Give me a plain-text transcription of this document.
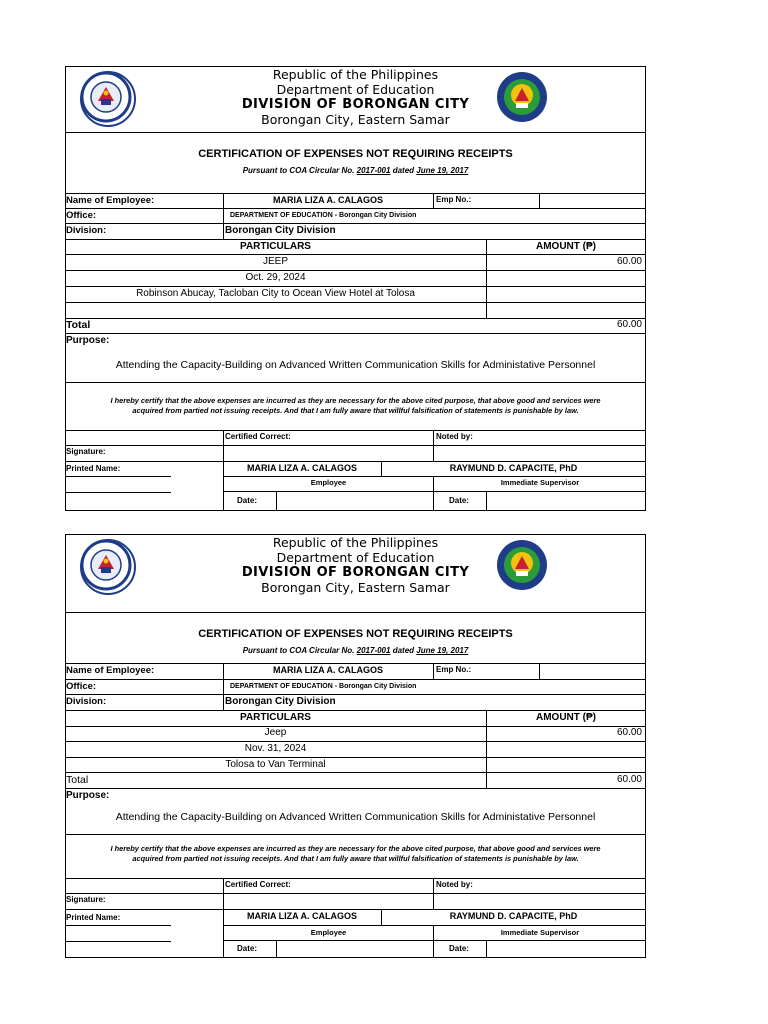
Republic of the Philippines
Department of Education
DIVISION OF BORONGAN CITY
Borongan City, Eastern Samar
CERTIFICATION OF EXPENSES NOT REQUIRING RECEIPTS
Pursuant to COA Circular No. 2017-001 dated June 19, 2017
Name of Employee:	MARIA LIZA A. CALAGOS	Emp No.:
Office:	DEPARTMENT OF EDUCATION - Borongan City Division
Division:	Borongan City Division
PARTICULARS	AMOUNT (₱)
JEEP	60.00
Oct. 29, 2024
Robinson Abucay, Tacloban City to Ocean View Hotel at Tolosa
Total	60.00
Purpose:
Attending the Capacity-Building on Advanced Written Communication Skills for Administative Personnel
I hereby certify that the above expenses are incurred as they are necessary for the above cited purpose, that above good and services were
acquired from partied not issuing receipts. And that I am fully aware that willful falsification of statements is punishable by law.
Certified Correct:	Noted by:
Signature:
Printed Name:	MARIA LIZA A. CALAGOS	RAYMUND D. CAPACITE, PhD
Employee	Immediate Supervisor
Date:	Date:
Republic of the Philippines
Department of Education
DIVISION OF BORONGAN CITY
Borongan City, Eastern Samar
CERTIFICATION OF EXPENSES NOT REQUIRING RECEIPTS
Pursuant to COA Circular No. 2017-001 dated June 19, 2017
Name of Employee:	MARIA LIZA A. CALAGOS	Emp No.:
Office:	DEPARTMENT OF EDUCATION - Borongan City Division
Division:	Borongan City Division
PARTICULARS	AMOUNT (₱)
Jeep	60.00
Nov. 31, 2024
Tolosa to Van Terminal
Total	60.00
Purpose:
Attending the Capacity-Building on Advanced Written Communication Skills for Administative Personnel
I hereby certify that the above expenses are incurred as they are necessary for the above cited purpose, that above good and services were
acquired from partied not issuing receipts. And that I am fully aware that willful falsification of statements is punishable by law.
Certified Correct:	Noted by:
Signature:
Printed Name:	MARIA LIZA A. CALAGOS	RAYMUND D. CAPACITE, PhD
Employee	Immediate Supervisor
Date:	Date:
